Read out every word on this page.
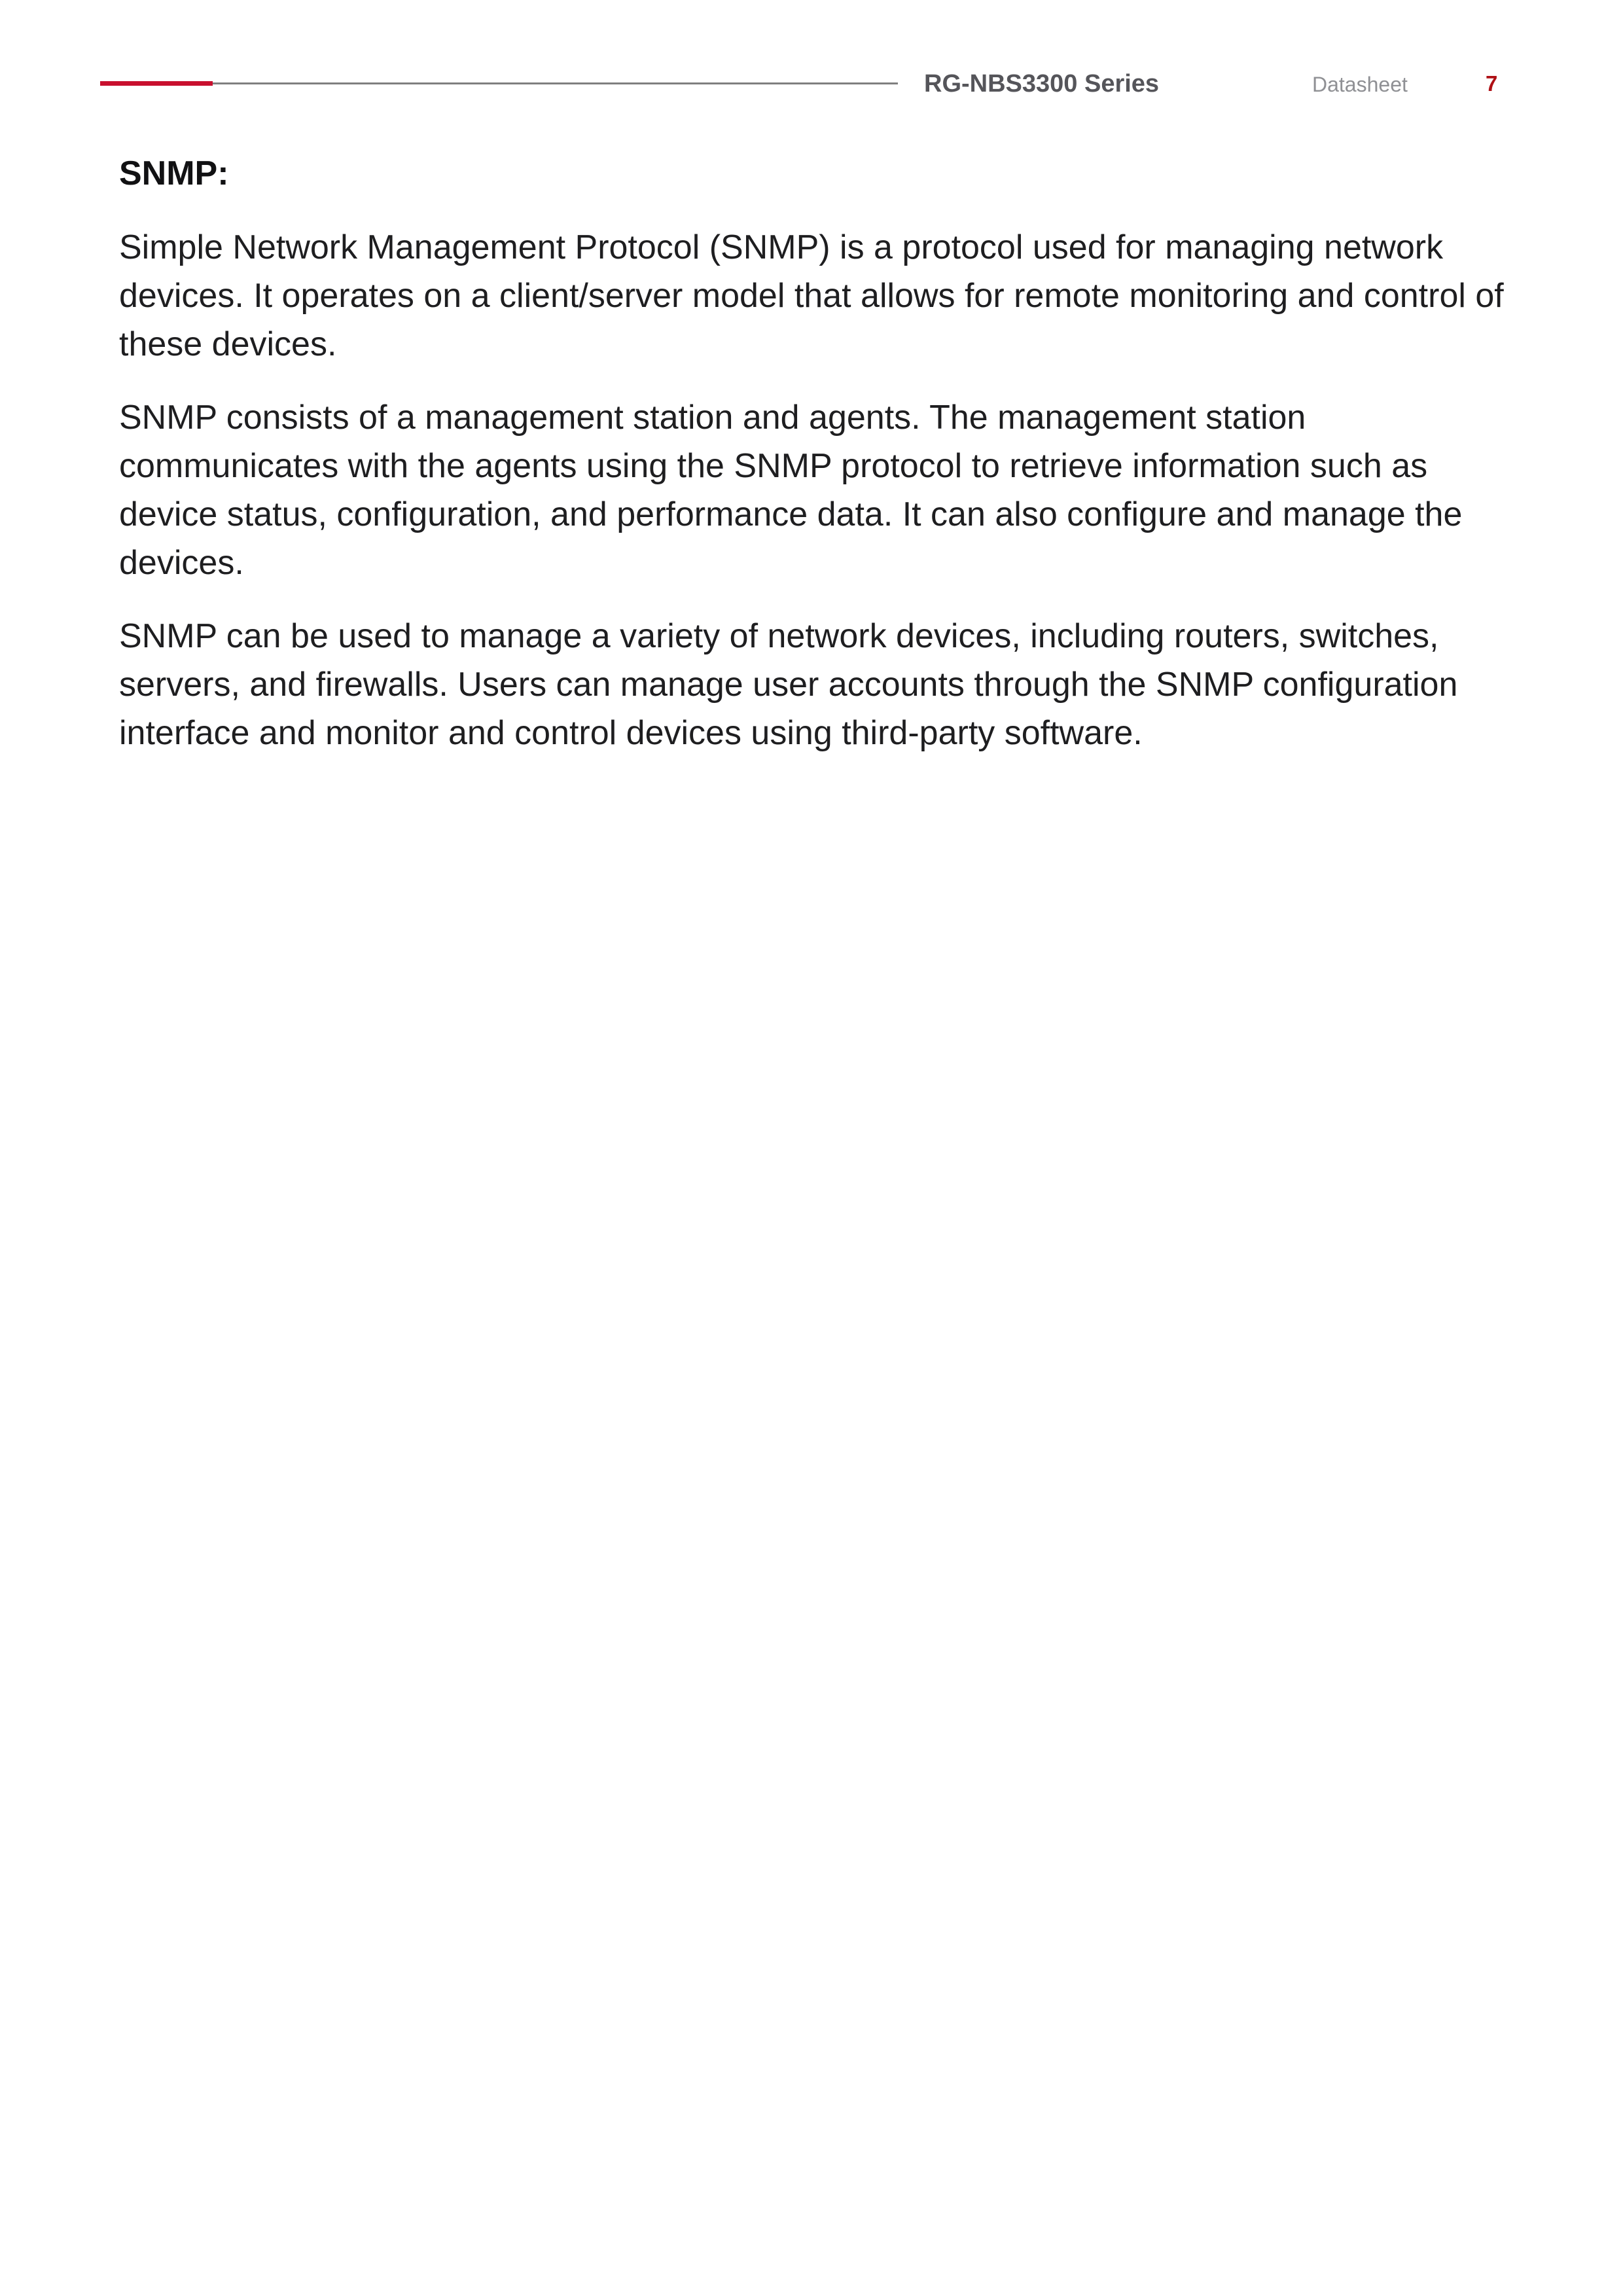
RG-NBS3300 Series	Datasheet	7
SNMP:

Simple Network Management Protocol (SNMP) is a protocol used for managing network devices. It operates on a client/server model that allows for remote monitoring and control of these devices.

SNMP consists of a management station and agents. The management station communicates with the agents using the SNMP protocol to retrieve information such as device status, configuration, and performance data. It can also configure and manage the devices.

SNMP can be used to manage a variety of network devices, including routers, switches, servers, and firewalls. Users can manage user accounts through the SNMP configuration interface and monitor and control devices using third-party software.
